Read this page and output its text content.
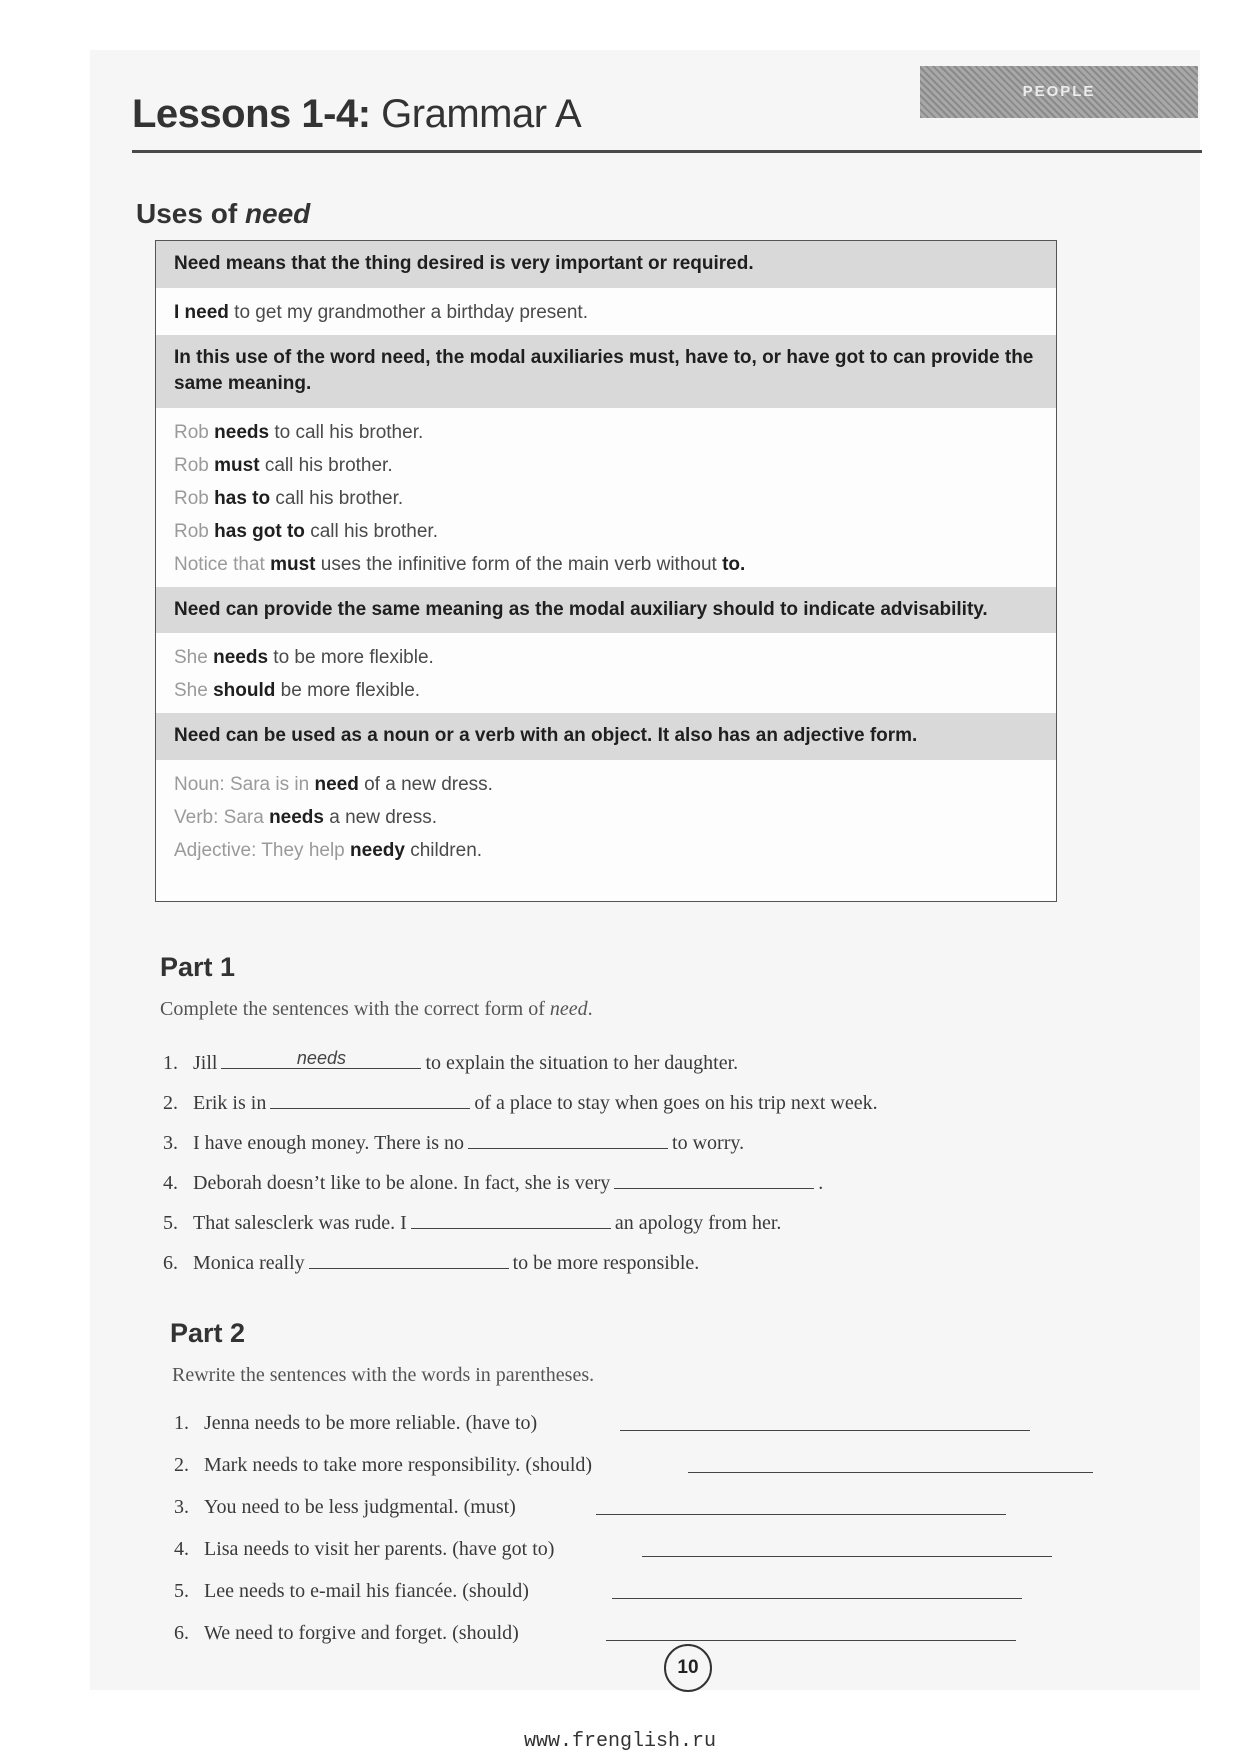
Lessons 1-4: Grammar A
PEOPLE
Uses of need
Need means that the thing desired is very important or required.
I need to get my grandmother a birthday present.
In this use of the word need, the modal auxiliaries must, have to, or have got to can provide the same meaning.
Rob needs to call his brother.
Rob must call his brother.
Rob has to call his brother.
Rob has got to call his brother.
Notice that must uses the infinitive form of the main verb without to.
Need can provide the same meaning as the modal auxiliary should to indicate advisability.
She needs to be more flexible.
She should be more flexible.
Need can be used as a noun or a verb with an object. It also has an adjective form.
Noun: Sara is in need of a new dress.
Verb: Sara needs a new dress.
Adjective: They help needy children.
Part 1
Complete the sentences with the correct form of need.
1. Jill	needs	to explain the situation to her daughter.
2. Erik is in	of a place to stay when goes on his trip next week.
3. I have enough money. There is no	to worry.
4. Deborah doesn’t like to be alone. In fact, she is very	.
5. That salesclerk was rude. I	an apology from her.
6. Monica really	to be more responsible.
Part 2
Rewrite the sentences with the words in parentheses.
1. Jenna needs to be more reliable. (have to)
2. Mark needs to take more responsibility. (should)
3. You need to be less judgmental. (must)
4. Lisa needs to visit her parents. (have got to)
5. Lee needs to e-mail his fiancée. (should)
6. We need to forgive and forget. (should)
10
www.frenglish.ru
